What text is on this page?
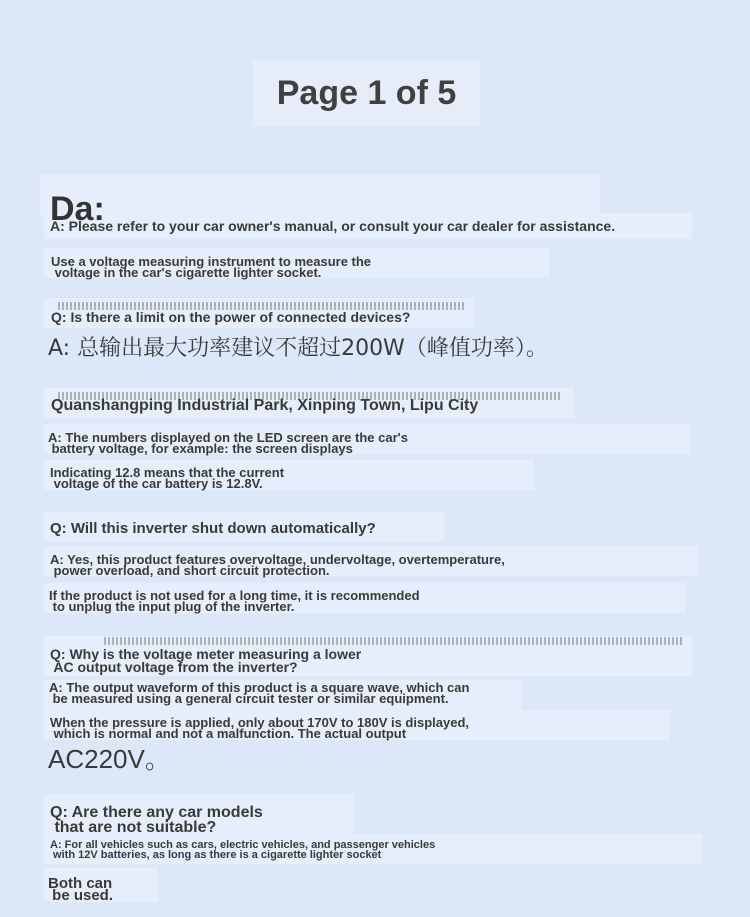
Page 1 of 5
Da:
A: Please refer to your car owner's manual, or consult your car dealer for assistance.
Use a voltage measuring instrument to measure the
voltage in the car's cigarette lighter socket.
Q: Is there a limit on the power of connected devices?
A: 总输出最大功率建议不超过200W（峰值功率）。
Quanshangping Industrial Park, Xinping Town, Lipu City
A: The numbers displayed on the LED screen are the car's
battery voltage, for example: the screen displays
Indicating 12.8 means that the current
voltage of the car battery is 12.8V.
Q: Will this inverter shut down automatically?
A: Yes, this product features overvoltage, undervoltage, overtemperature,
power overload, and short circuit protection.
If the product is not used for a long time, it is recommended
to unplug the input plug of the inverter.
Q: Why is the voltage meter measuring a lower
AC output voltage from the inverter?
A: The output waveform of this product is a square wave, which can
be measured using a general circuit tester or similar equipment.
When the pressure is applied, only about 170V to 180V is displayed,
which is normal and not a malfunction. The actual output
AC220V。
Q: Are there any car models
that are not suitable?
A: For all vehicles such as cars, electric vehicles, and passenger vehicles
with 12V batteries, as long as there is a cigarette lighter socket
Both can
be used.
